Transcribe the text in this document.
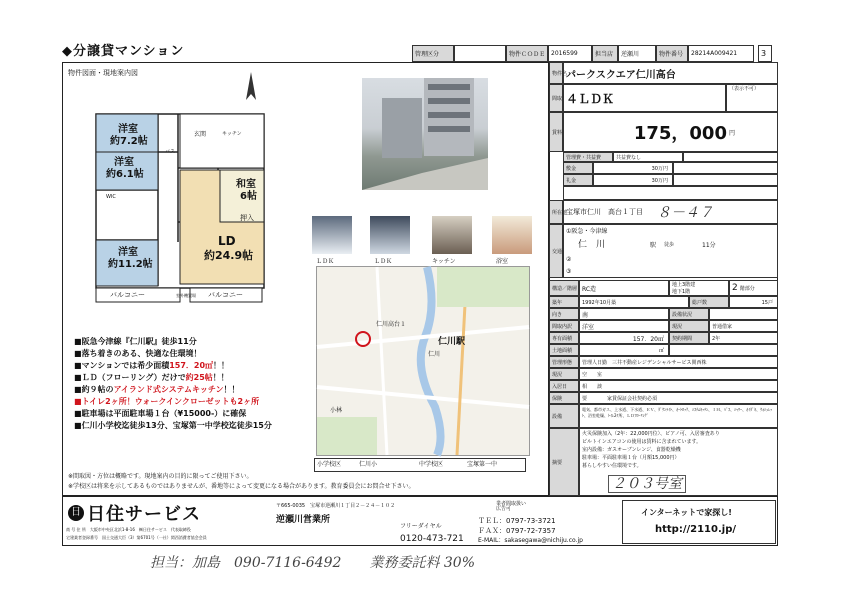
◆分譲貸マンション	管理区分	物件ＣＯＤＥ 2016599	担当店	逆瀬川	物件番号	28214A009421	3
物件図面・現地案内図
洋室
約7.2帖
洋室
約6.1帖
和室
6帖
LD
約24.9帖
洋室
約11.2帖
玄関
押入
WIC
バス
キッチン
バルコニー	バルコニー
室外機置場
■阪急今津線『仁川駅』徒歩11分
■落ち着きのある、快適な住環境！
■マンションでは希少面積157．20㎡！！
■ＬＤ（フローリング）だけで約25帖！！
■約９帖のアイランド式システムキッチン！！
■トイレ2ヶ所！ウォークインクローゼットも2ヶ所
■駐車場は平面駐車場１台（¥15000-）に確保
■仁川小学校迄徒歩13分、宝塚第一中学校迄徒歩15分
※間取図・方位は概略です。現地案内の目的に限ってご使用下さい。
※学校区は将来を示してあるものではありませんが、番地等によって変更になる場合があります。教育委員会にお問合せ下さい。
ＬＤＫ	ＬＤＫ	キッチン	浴室
仁川高台１
仁川駅
仁川
小林
小学校区	仁川小	中学校区	宝塚第一中
物件名
パークスクエア仁川高台
間取 ４ＬＤＫ
（表示不可）
賃料	175，000 円
管理費・共益費	共益費なし
敷金	30万円
礼金	30万円
所在地
宝塚市仁川　高台１丁目 ８－４７
交通
①阪急・今津線
仁　川	駅 徒歩	11分
②
③
構造／階層 RC造
地上3階建
地下1階	2 階部分
築年	1992年10月築	総戸数	15戸
向き	南	設備状況
間取内訳	洋室	現況	普通借家
専有面積	157．20㎡	契約期間	2年
土地面積	㎡
管理形態	管理人日勤　三井不動産レジデンシャルサービス関西株
現況	空　　室
入居日	相　　談
保険	要　　　　家賃保証会社契約必須
設備
電気、都市ガス、上水道、下水道、ＥＶ、ﾀﾞｳﾝﾗｲﾄ、ｵｰﾄﾛｯｸ、ｼｽﾃﾑｷｯﾁﾝ、ＩＨ、ﾊﾞｽ、ｼｬﾜｰ、ｵｲﾀﾞｷ、ｳｫｼｭﾚｯﾄ、浴室乾燥、ﾄｲﾚ2ｹ所、ＬＤﾌﾛｰﾘﾝｸﾞ
摘要
火災保険加入（2年：22,000円位）、ピアノ可、入居審査あり
ビルトインエアコンの使用は賃料に含まれています。
室内設備：ガスオーブンレンジ、食器乾燥機
駐車場：平面駐車場１台（月額15,000円）
暮らしやすい住環境です。
２０３号室
日 日住サービス	〒665-0035　宝塚市逆瀬川１丁目２－２４－１０２
逆瀬川営業所
商 号 住 所　大阪市中央区北浜1-8-16　㈱日住サービス　代表取締役
宅建業者登録番号　国土交通大臣（3）第6701号（一社）関西消費者協会会員
フリーダイヤル
0120-473-721
業者間取扱い
広告可
ＴＥＬ：0797-73-3721
ＦＡＸ：0797-72-7357
E-MAIL：sakasegawa@nichiju.co.jp
インターネットで家探し!
http://2110.jp/
担当：加島　090-7116-6492　　業務委託料 30%
